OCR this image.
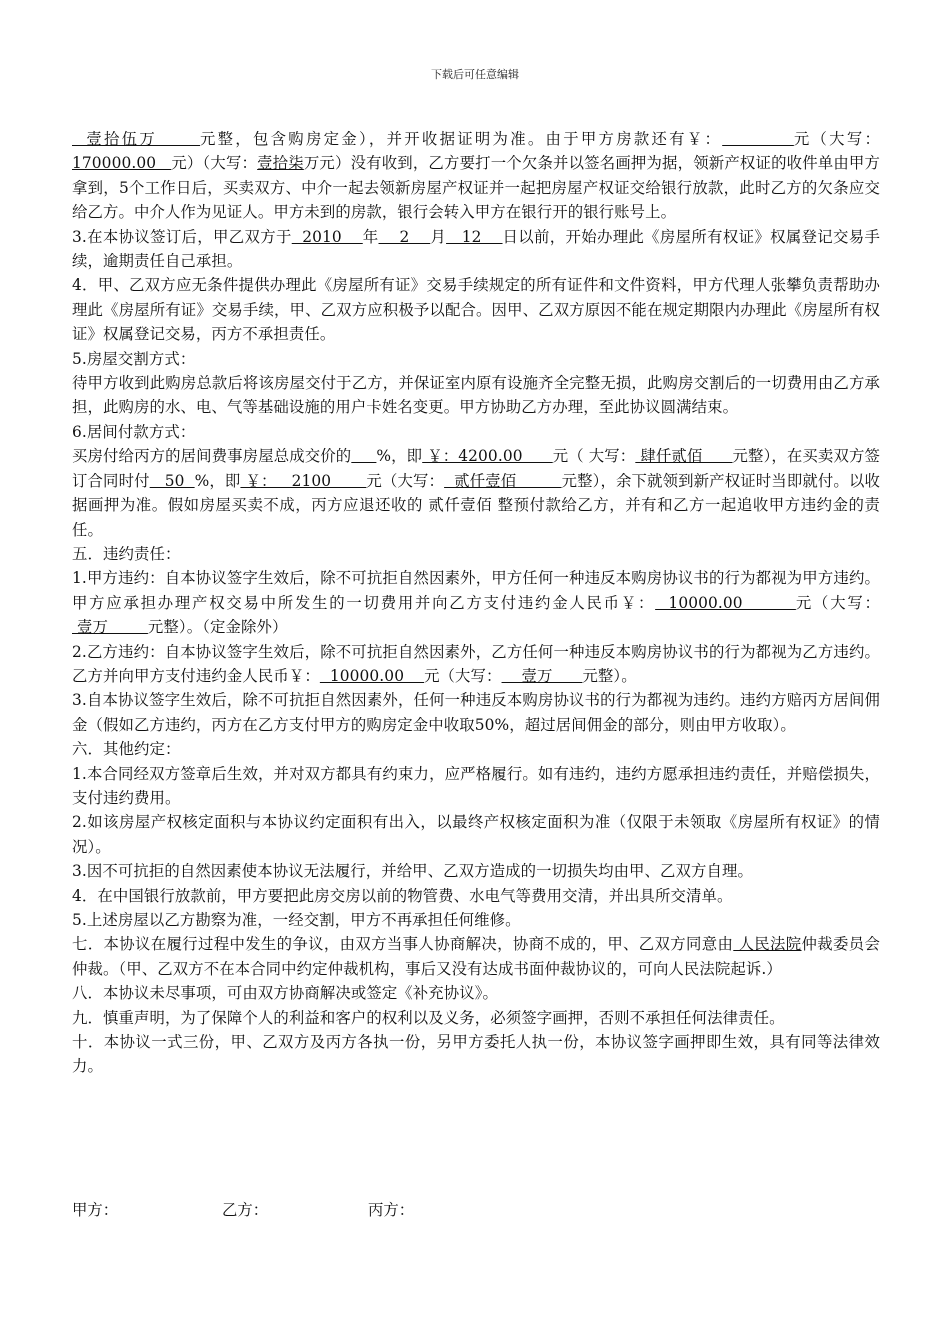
下载后可任意编辑

壹拾伍万      元整，包含购房定金），并开收据证明为准。由于甲方房款还有￥：	元（大写：170000.00   元）（大写：壹拾柒万元）没有收到，乙方要打一个欠条并以签名画押为据，领新产权证的收件单由甲方拿到，5个工作日后，买卖双方、中介一起去领新房屋产权证并一起把房屋产权证交给银行放款，此时乙方的欠条应交给乙方。中介人作为见证人。甲方未到的房款，银行会转入甲方在银行开的银行账号上。

3.在本协议签订后，甲乙双方于  2010    年    2    月   12    日以前，开始办理此《房屋所有权证》权属登记交易手续，逾期责任自己承担。

4．甲、乙双方应无条件提供办理此《房屋所有证》交易手续规定的所有证件和文件资料，甲方代理人张攀负责帮助办理此《房屋所有证》交易手续，甲、乙双方应积极予以配合。因甲、乙双方原因不能在规定期限内办理此《房屋所有权证》权属登记交易，丙方不承担责任。

5.房屋交割方式：

待甲方收到此购房总款后将该房屋交付于乙方，并保证室内原有设施齐全完整无损，此购房交割后的一切费用由乙方承担，此购房的水、电、气等基础设施的用户卡姓名变更。甲方协助乙方办理，至此协议圆满结束。

6.居间付款方式：

买房付给丙方的居间费事房屋总成交价的 %，即 ￥：4200.00      元（ 大写： 肆仟贰佰      元整），在买卖双方签订合同时付   50  %，即 ￥：   2100       元（大写：  贰仟壹佰         元整），余下就领到新产权证时当即就付。以收据画押为准。假如房屋买卖不成，丙方应退还收的 贰仟壹佰 整预付款给乙方，并有和乙方一起追收甲方违约金的责任。

五．违约责任：

1.甲方违约：自本协议签字生效后，除不可抗拒自然因素外，甲方任何一种违反本购房协议书的行为都视为甲方违约。甲方应承担办理产权交易中所发生的一切费用并向乙方支付违约金人民币￥：  10000.00        元（大写： 壹万        元整）。（定金除外）

2.乙方违约：自本协议签字生效后，除不可抗拒自然因素外，乙方任何一种违反本购房协议书的行为都视为乙方违约。乙方并向甲方支付违约金人民币￥：  10000.00    元（大写：    壹万      元整）。

3.自本协议签字生效后，除不可抗拒自然因素外，任何一种违反本购房协议书的行为都视为违约。违约方赔丙方居间佣金（假如乙方违约，丙方在乙方支付甲方的购房定金中收取50%，超过居间佣金的部分，则由甲方收取）。

六．其他约定：

1.本合同经双方签章后生效，并对双方都具有约束力，应严格履行。如有违约，违约方愿承担违约责任，并赔偿损失，支付违约费用。

2.如该房屋产权核定面积与本协议约定面积有出入，以最终产权核定面积为准（仅限于未领取《房屋所有权证》的情况）。

3.因不可抗拒的自然因素使本协议无法履行，并给甲、乙双方造成的一切损失均由甲、乙双方自理。

4．在中国银行放款前，甲方要把此房交房以前的物管费、水电气等费用交清，并出具所交清单。

5.上述房屋以乙方勘察为准，一经交割，甲方不再承担任何维修。

七．本协议在履行过程中发生的争议，由双方当事人协商解决，协商不成的，甲、乙双方同意由 人民法院仲裁委员会仲裁。（甲、乙双方不在本合同中约定仲裁机构，事后又没有达成书面仲裁协议的，可向人民法院起诉.）

八．本协议未尽事项，可由双方协商解决或签定《补充协议》。

九．慎重声明，为了保障个人的利益和客户的权利以及义务，必须签字画押，否则不承担任何法律责任。

十．本协议一式三份，甲、乙双方及丙方各执一份，另甲方委托人执一份，本协议签字画押即生效，具有同等法律效力。

甲方：	乙方：	丙方：
